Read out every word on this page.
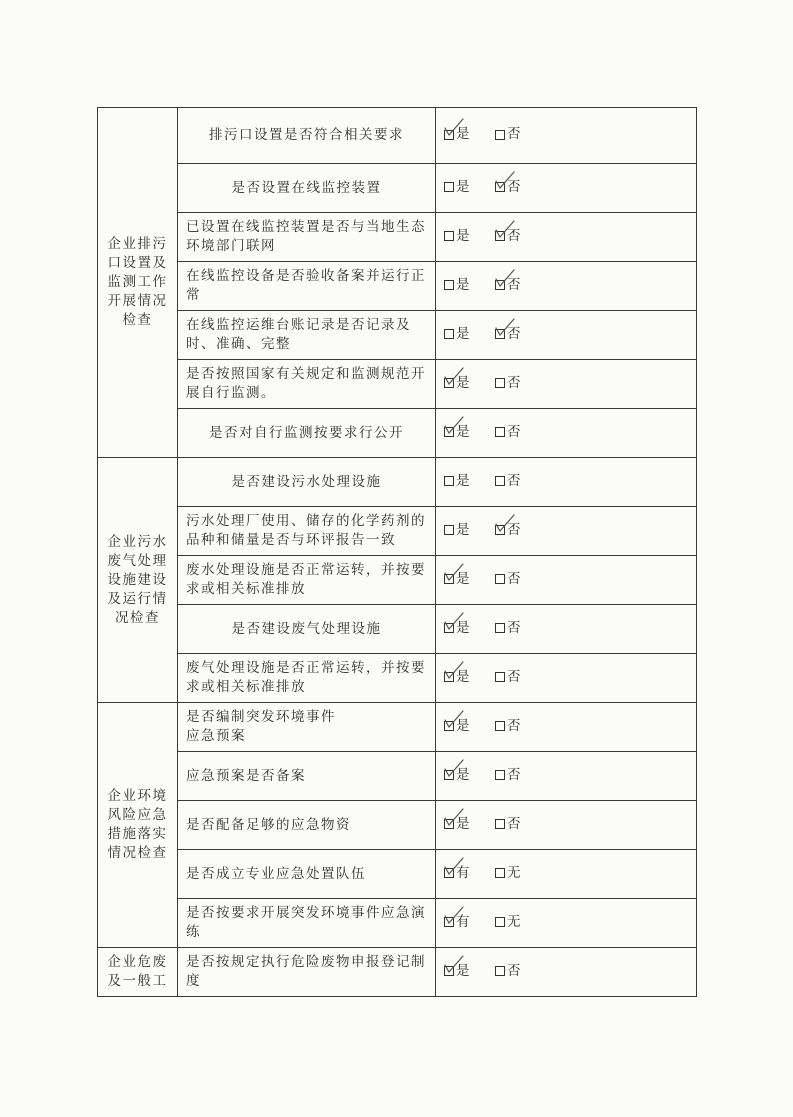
企业排污口设置及监测工作开展情况检查	排污口设置是否符合相关要求	是 否

	是否设置在线监控装置	是 否

	已设置在线监控装置是否与当地生态环境部门联网	是 否

	在线监控设备是否验收备案并运行正常	是 否

	在线监控运维台账记录是否记录及时、准确、完整	是 否

	是否按照国家有关规定和监测规范开展自行监测。	是 否

	是否对自行监测按要求行公开	是 否

企业污水废气处理设施建设及运行情况检查	是否建设污水处理设施	是 否

	污水处理厂使用、储存的化学药剂的品种和储量是否与环评报告一致	是 否

	废水处理设施是否正常运转，并按要求或相关标准排放	是 否

	是否建设废气处理设施	是 否

	废气处理设施是否正常运转，并按要求或相关标准排放	是 否

企业环境风险应急措施落实情况检查	是否编制突发环境事件应急预案	是 否

	应急预案是否备案	是 否

	是否配备足够的应急物资	是 否

	是否成立专业应急处置队伍	有 无

	是否按要求开展突发环境事件应急演练	有 无

企业危废及一般工	是否按规定执行危险废物申报登记制度	是 否
